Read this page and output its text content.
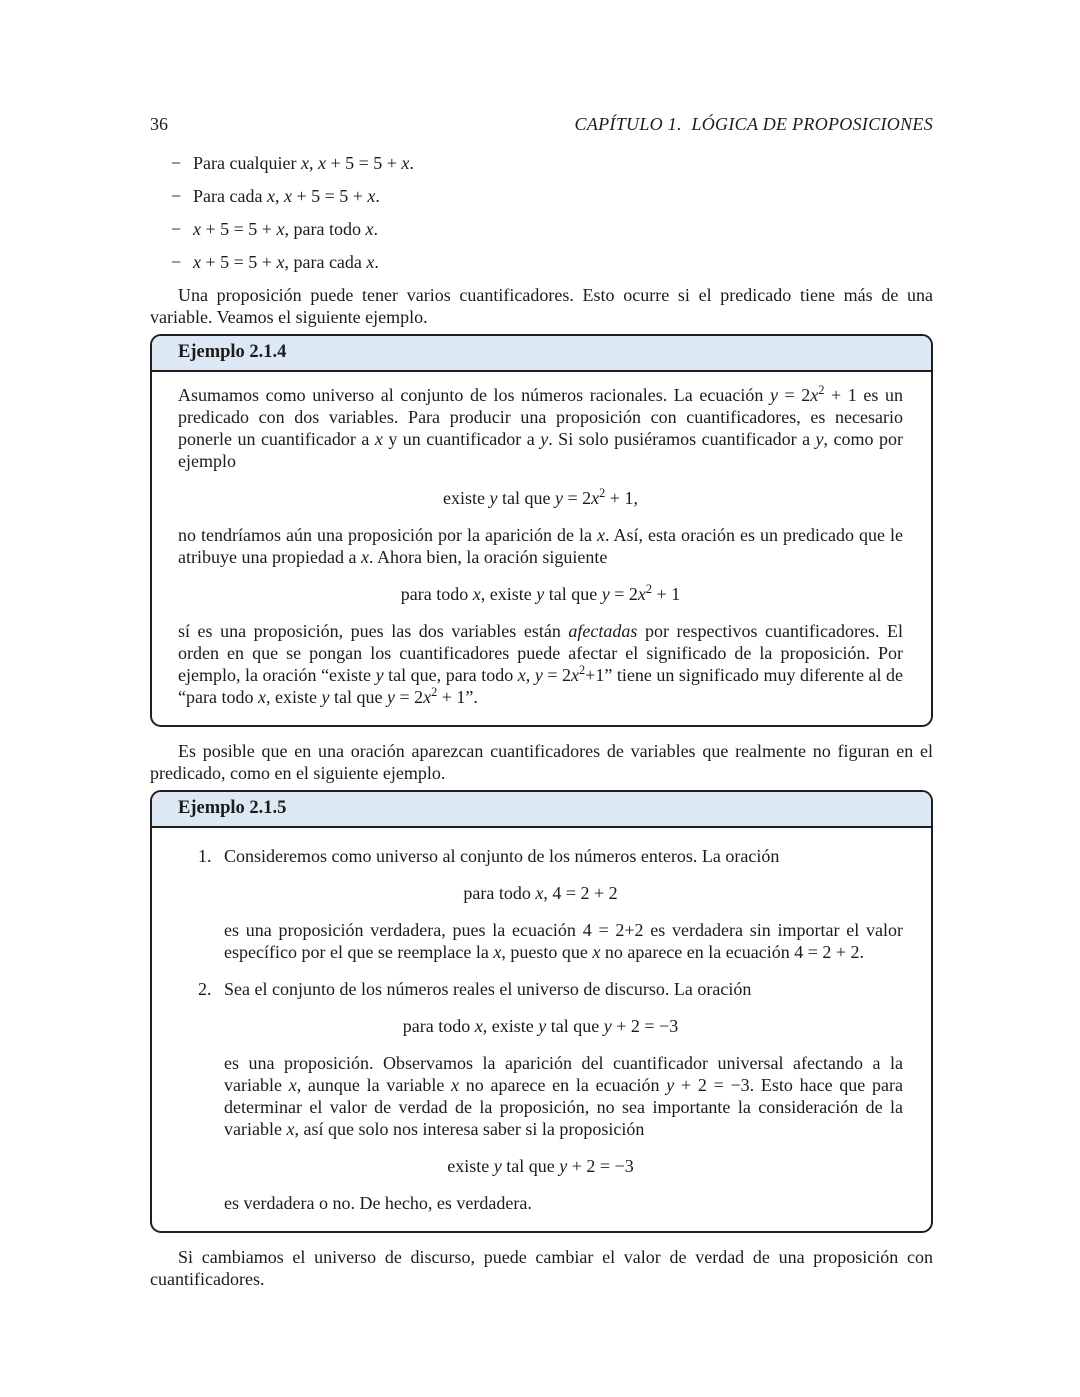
36	CAPÍTULO 1.  LÓGICA DE PROPOSICIONES
− Para cualquier x, x + 5 = 5 + x.
− Para cada x, x + 5 = 5 + x.
− x + 5 = 5 + x, para todo x.
− x + 5 = 5 + x, para cada x.

Una proposición puede tener varios cuantificadores. Esto ocurre si el predicado tiene más de una variable. Veamos el siguiente ejemplo.

Ejemplo 2.1.4

Asumamos como universo al conjunto de los números racionales. La ecuación $y = 2x^2 + 1$ es un predicado con dos variables. Para producir una proposición con cuantificadores, es necesario ponerle un cuantificador a x y un cuantificador a y. Si solo pusiéramos cuantificador a y, como por ejemplo

existe y tal que $y = 2x^2 + 1$,

no tendríamos aún una proposición por la aparición de la x. Así, esta oración es un predicado que le atribuye una propiedad a x. Ahora bien, la oración siguiente

para todo x, existe y tal que $y = 2x^2 + 1$

sí es una proposición, pues las dos variables están afectadas por respectivos cuantificadores. El orden en que se pongan los cuantificadores puede afectar el significado de la proposición. Por ejemplo, la oración “existe y tal que, para todo x, $y = 2x^2+1$” tiene un significado muy diferente al de “para todo x, existe y tal que $y = 2x^2 + 1$”.

Es posible que en una oración aparezcan cuantificadores de variables que realmente no figuran en el predicado, como en el siguiente ejemplo.

Ejemplo 2.1.5
1. Consideremos como universo al conjunto de los números enteros. La oración

para todo x, 4 = 2 + 2

es una proposición verdadera, pues la ecuación 4 = 2+2 es verdadera sin importar el valor específico por el que se reemplace la x, puesto que x no aparece en la ecuación 4 = 2 + 2.

2. Sea el conjunto de los números reales el universo de discurso. La oración

para todo x, existe y tal que y + 2 = −3

es una proposición. Observamos la aparición del cuantificador universal afectando a la variable x, aunque la variable x no aparece en la ecuación y + 2 = −3. Esto hace que para determinar el valor de verdad de la proposición, no sea importante la consideración de la variable x, así que solo nos interesa saber si la proposición

existe y tal que y + 2 = −3

es verdadera o no. De hecho, es verdadera.

Si cambiamos el universo de discurso, puede cambiar el valor de verdad de una proposición con cuantificadores.
